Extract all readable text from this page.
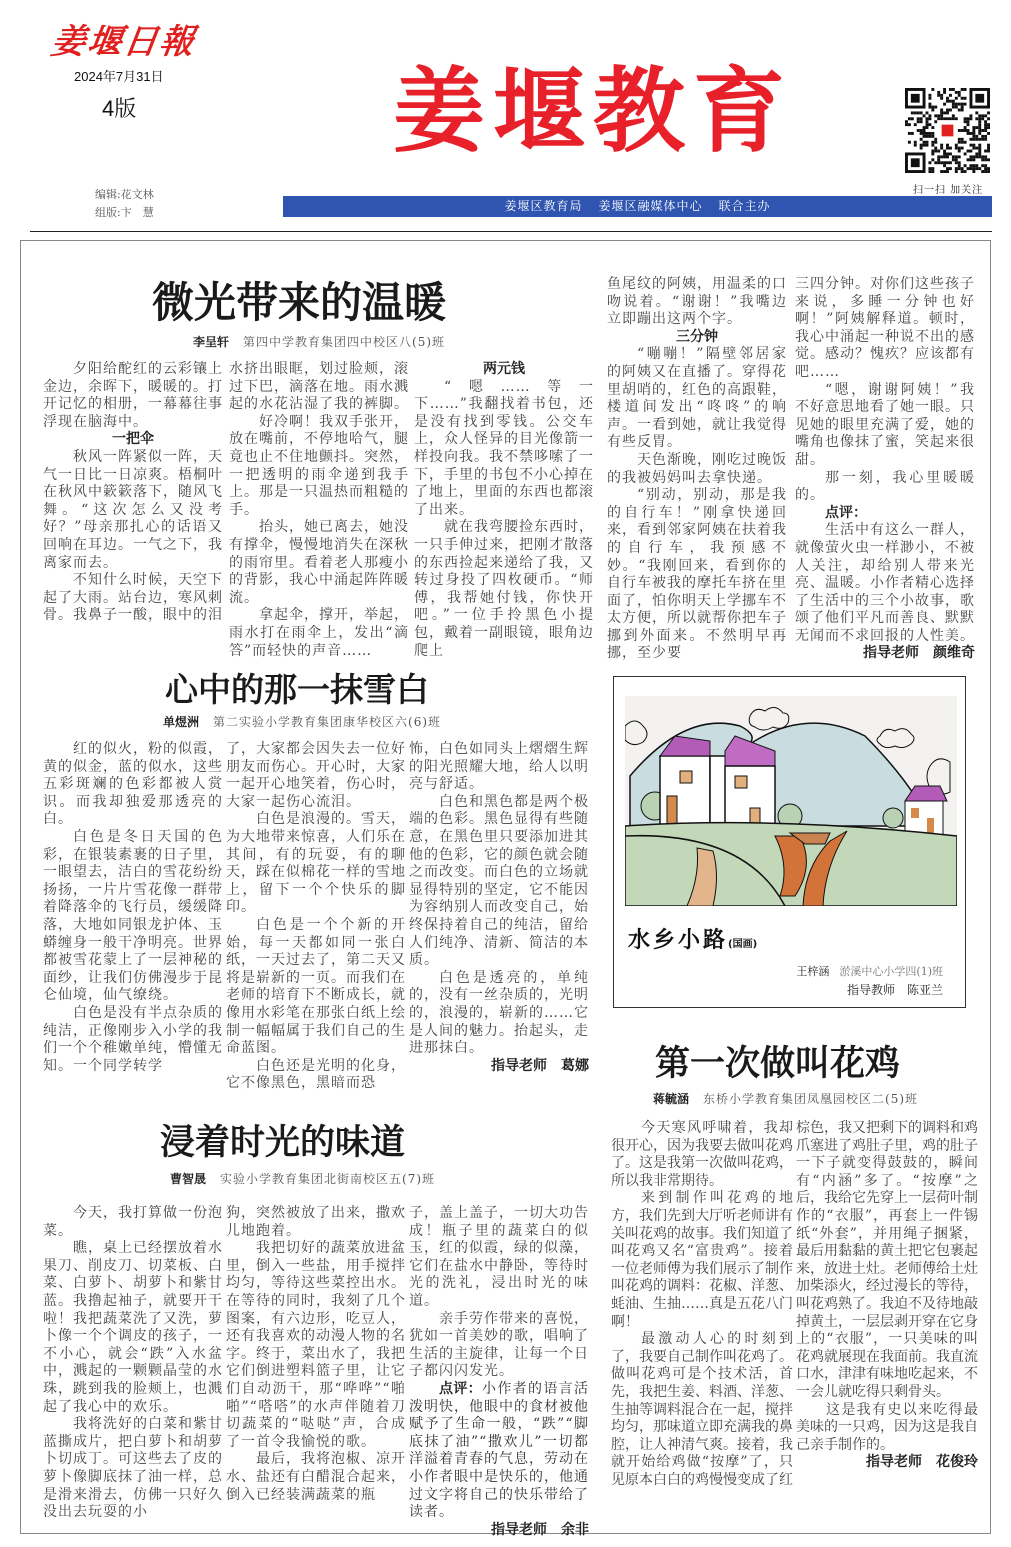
姜堰日報
2024年7月31日
4版	姜堰教育
扫一扫 加关注
编辑:花文林
组版:卞　慧	姜堰区教育局 姜堰区融媒体中心 联合主办
微光带来的温暖
李呈轩 第四中学教育集团四中校区八(5)班

夕阳给酡红的云彩镶上金边，余晖下，暖暖的。打开记忆的相册，一幕幕往事浮现在脑海中。

一把伞

秋风一阵紧似一阵，天气一日比一日凉爽。梧桐叶在秋风中簌簌落下，随风飞舞。“这次怎么又没考好？”母亲那扎心的话语又回响在耳边。一气之下，我离家而去。

不知什么时候，天空下起了大雨。站台边，寒风刺骨。我鼻子一酸，眼中的泪

水挤出眼眶，划过脸颊，滚过下巴，滴落在地。雨水溅起的水花沾湿了我的裤脚。

好冷啊！我双手张开，放在嘴前，不停地哈气，腿竟也止不住地颤抖。突然，一把透明的雨伞递到我手上。那是一只温热而粗糙的手。

抬头，她已离去，她没有撑伞，慢慢地消失在深秋的雨帘里。看着老人那瘦小的背影，我心中涌起阵阵暖流。

拿起伞，撑开，举起，雨水打在雨伞上，发出“滴答”而轻快的声音……

两元钱

“嗯……等一下……”我翻找着书包，还是没有找到零钱。公交车上，众人怪异的目光像箭一样投向我。我不禁哆嗦了一下，手里的书包不小心掉在了地上，里面的东西也都滚了出来。

就在我弯腰捡东西时，一只手伸过来，把刚才散落的东西捡起来递给了我，又转过身投了四枚硬币。“师傅，我帮她付钱，你快开吧。”一位手拎黑色小提包，戴着一副眼镜，眼角边爬上

鱼尾纹的阿姨，用温柔的口吻说着。“谢谢！”我嘴边立即蹦出这两个字。

三分钟

“嘣嘣！”隔壁邻居家的阿姨又在直播了。穿得花里胡哨的，红色的高跟鞋，楼道间发出“咚咚”的响声。一看到她，就让我觉得有些反胃。

天色渐晚，刚吃过晚饭的我被妈妈叫去拿快递。

“别动，别动，那是我的自行车！”刚拿快递回来，看到邻家阿姨在扶着我的自行车，我预感不妙。“我刚回来，看到你的自行车被我的摩托车挤在里面了，怕你明天上学挪车不太方便，所以就帮你把车子挪到外面来。不然明早再挪，至少要

三四分钟。对你们这些孩子来说，多睡一分钟也好啊！”阿姨解释道。顿时，我心中涌起一种说不出的感觉。感动？愧疚？应该都有吧……

“嗯，谢谢阿姨！”我不好意思地看了她一眼。只见她的眼里充满了爱，她的嘴角也像抹了蜜，笑起来很甜。

那一刻，我心里暖暖的。

点评：

生活中有这么一群人，就像萤火虫一样渺小，不被人关注，却给别人带来光亮、温暖。小作者精心选择了生活中的三个小故事，歌颂了他们平凡而善良、默默无闻而不求回报的人性美。

指导老师　颜维奇
心中的那一抹雪白
单煜洲 第二实验小学教育集团康华校区六(6)班

红的似火，粉的似霞，黄的似金，蓝的似水，这些五彩斑斓的色彩都被人赏识。而我却独爱那透亮的白。

白色是冬日天国的色彩，在银装素裹的日子里，一眼望去，洁白的雪花纷纷扬扬，一片片雪花像一群带着降落伞的飞行员，缓缓降落，大地如同银龙护体、玉蟒缠身一般干净明亮。世界都被雪花蒙上了一层神秘的面纱，让我们仿佛漫步于昆仑仙境，仙气缭绕。

白色是没有半点杂质的纯洁，正像刚步入小学的我们一个个稚嫩单纯，懵懂无知。一个同学转学

了，大家都会因失去一位好朋友而伤心。开心时，大家一起开心地笑着，伤心时，大家一起伤心流泪。

白色是浪漫的。雪天，为大地带来惊喜，人们乐在其间，有的玩耍，有的聊天，踩在似棉花一样的雪地上，留下一个个快乐的脚印。

白色是一个个新的开始，每一天都如同一张白纸，一天过去了，第二天又将是崭新的一页。而我们在老师的培育下不断成长，就像用水彩笔在那张白纸上绘制一幅幅属于我们自己的生命蓝图。

白色还是光明的化身，它不像黑色，黑暗而恐

怖，白色如同头上熠熠生辉的阳光照耀大地，给人以明亮与舒适。

白色和黑色都是两个极端的色彩。黑色显得有些随意，在黑色里只要添加进其他的色彩，它的颜色就会随之而改变。而白色的立场就显得特别的坚定，它不能因为容纳别人而改变自己，始终保持着自己的纯洁，留给人们纯净、清新、简洁的本质。

白色是透亮的，单纯的，没有一丝杂质的，光明的，浪漫的，崭新的……它是人间的魅力。抬起头，走进那抹白。

指导老师　葛娜
水乡小路(国画)
王梓涵 淤溪中心小学四(1)班
指导教师　陈亚兰
第一次做叫花鸡
蒋毓涵 东桥小学教育集团凤凰园校区二(5)班

今天寒风呼啸着，我却很开心，因为我要去做叫花鸡了。这是我第一次做叫花鸡，所以我非常期待。

来到制作叫花鸡的地方，我们先到大厅听老师讲有关叫花鸡的故事。我们知道了叫花鸡又名“富贵鸡”。接着一位老师傅为我们展示了制作叫花鸡的调料：花椒、洋葱、蚝油、生抽……真是五花八门啊！

最激动人心的时刻到了，我要自己制作叫花鸡了。做叫花鸡可是个技术活，首先，我把生姜、料酒、洋葱、生抽等调料混合在一起，搅拌均匀，那味道立即充满我的鼻腔，让人神清气爽。接着，我就开始给鸡做“按摩”了，只见原本白白的鸡慢慢变成了红

棕色，我又把剩下的调料和鸡爪塞进了鸡肚子里，鸡的肚子一下子就变得鼓鼓的，瞬间有“内涵”多了。“按摩”之后，我给它先穿上一层荷叶制作的“衣服”，再套上一件锡纸“外套”，并用绳子捆紧，最后用黏黏的黄土把它包裹起来，放进土灶。老师傅给土灶加柴添火，经过漫长的等待，叫花鸡熟了。我迫不及待地敲掉黄土，一层层剥开穿在它身上的“衣服”，一只美味的叫花鸡就展现在我面前。我直流口水，津津有味地吃起来，不一会儿就吃得只剩骨头。

这是我有史以来吃得最美味的一只鸡，因为这是我自己亲手制作的。

指导老师　花俊玲
浸着时光的味道
曹智晟 实验小学教育集团北街南校区五(7)班

今天，我打算做一份泡菜。

瞧，桌上已经摆放着水果刀、削皮刀、切菜板、白菜、白萝卜、胡萝卜和紫甘蓝。我撸起袖子，就要开干啦！我把蔬菜洗了又洗，萝卜像一个个调皮的孩子，一不小心，就会“跌”入水盆中，溅起的一颗颗晶莹的水珠，跳到我的脸颊上，也溅起了我心中的欢乐。

我将洗好的白菜和紫甘蓝撕成片，把白萝卜和胡萝卜切成丁。可这些去了皮的萝卜像脚底抹了油一样，总是滑来滑去，仿佛一只好久没出去玩耍的小

狗，突然被放了出来，撒欢儿地跑着。

我把切好的蔬菜放进盆里，倒入一些盐，用手搅拌均匀，等待这些菜控出水。在等待的同时，我刻了几个图案，有六边形，吃豆人，还有我喜欢的动漫人物的名字。终于，菜出水了，我把它们倒进塑料篮子里，让它们自动沥干，那“哗哗”“啪啪”“嗒嗒”的水声伴随着刀切蔬菜的“哒哒”声，合成了一首令我愉悦的歌。

最后，我将泡椒、凉开水、盐还有白醋混合起来，倒入已经装满蔬菜的瓶

子，盖上盖子，一切大功告成！瓶子里的蔬菜白的似玉，红的似霞，绿的似藻，它们在盐水中静卧，等待时光的洗礼，浸出时光的味道。

亲手劳作带来的喜悦，犹如一首美妙的歌，唱响了生活的主旋律，让每一个日子都闪闪发光。

点评：小作者的语言活泼明快，他眼中的食材被他赋予了生命一般，“跌”“脚底抹了油”“撒欢儿”一切都洋溢着青春的气息，劳动在小作者眼中是快乐的，他通过文字将自己的快乐带给了读者。
指导老师　余非
